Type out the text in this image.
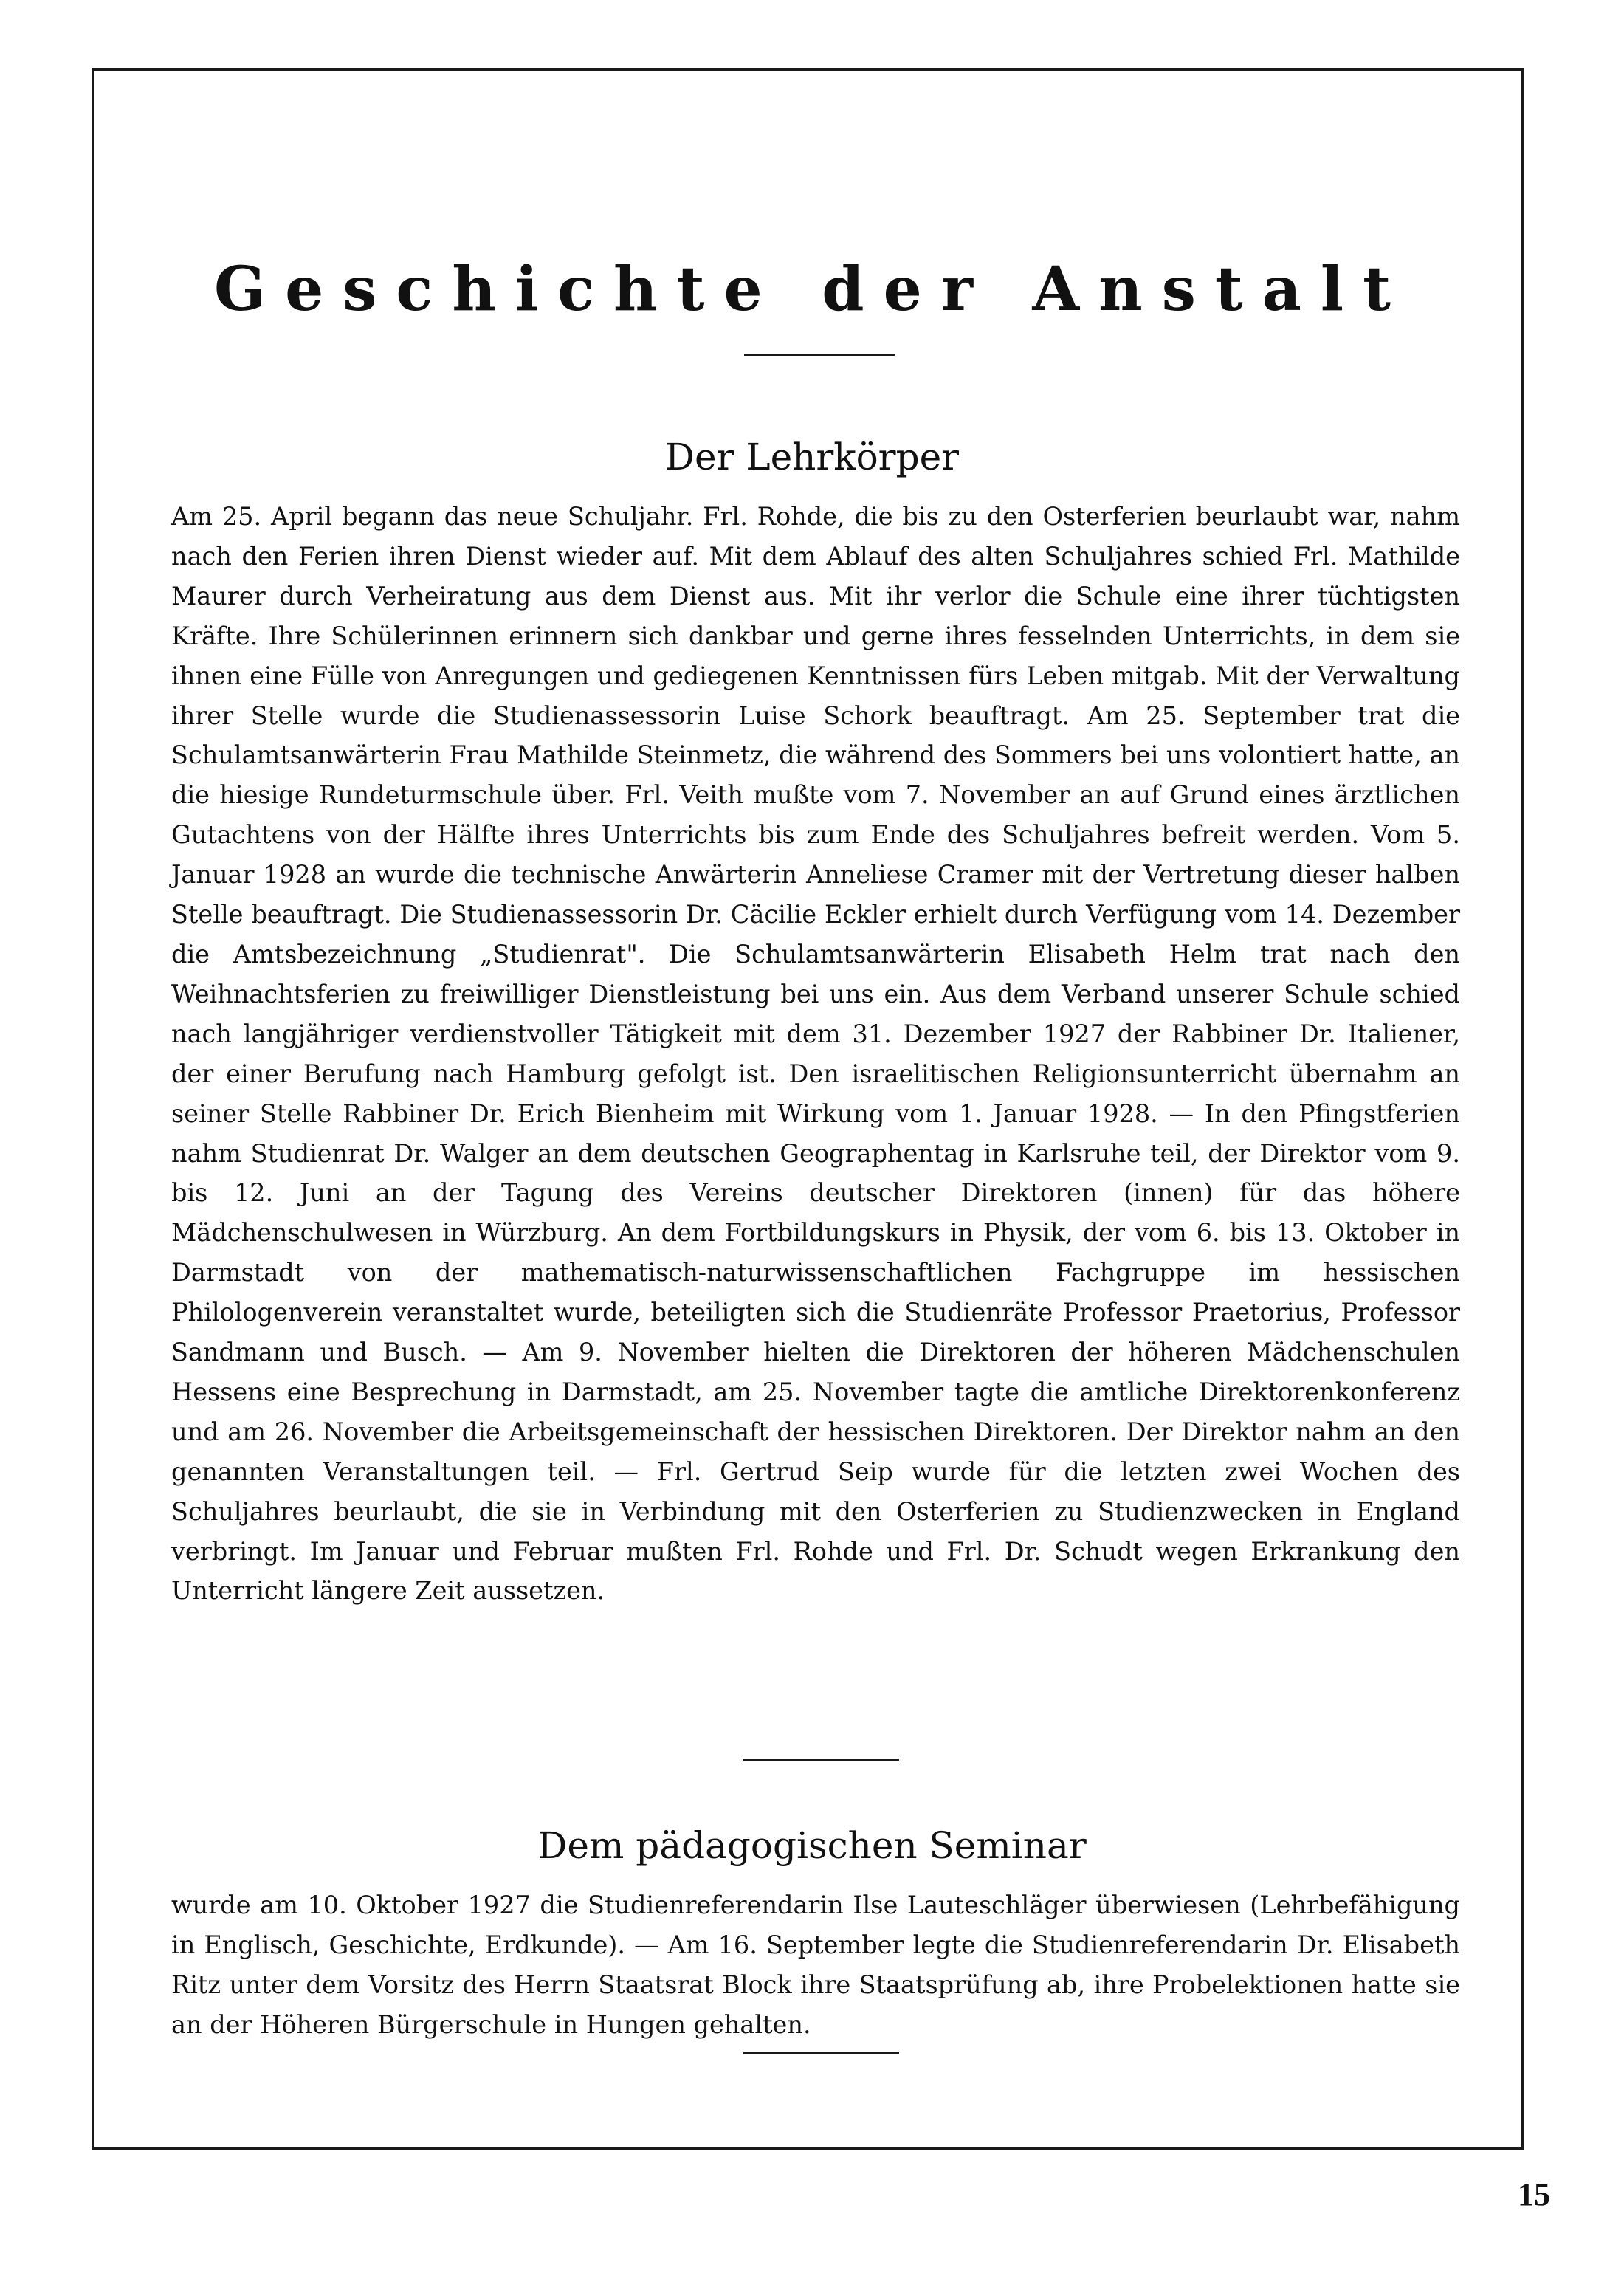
Geschichte der Anstalt
Der Lehrkörper

Am 25. April begann das neue Schuljahr. Frl. Rohde, die bis zu den Osterferien beurlaubt war, nahm nach den Ferien ihren Dienst wieder auf. Mit dem Ablauf des alten Schuljahres schied Frl. Mathilde Maurer durch Verheiratung aus dem Dienst aus. Mit ihr verlor die Schule eine ihrer tüchtigsten Kräfte. Ihre Schülerinnen erinnern sich dankbar und gerne ihres fesselnden Unterrichts, in dem sie ihnen eine Fülle von Anregungen und gediegenen Kenntnissen fürs Leben mitgab. Mit der Verwaltung ihrer Stelle wurde die Studienassessorin Luise Schork beauftragt. Am 25. September trat die Schulamtsanwärterin Frau Mathilde Steinmetz, die während des Sommers bei uns volontiert hatte, an die hiesige Rundeturmschule über. Frl. Veith mußte vom 7. November an auf Grund eines ärztlichen Gutachtens von der Hälfte ihres Unterrichts bis zum Ende des Schuljahres befreit werden. Vom 5. Januar 1928 an wurde die technische Anwärterin Anneliese Cramer mit der Vertretung dieser halben Stelle beauftragt. Die Studienassessorin Dr. Cäcilie Eckler erhielt durch Verfügung vom 14. Dezember die Amtsbezeichnung „Studienrat". Die Schulamtsanwärterin Elisabeth Helm trat nach den Weihnachtsferien zu freiwilliger Dienstleistung bei uns ein. Aus dem Verband unserer Schule schied nach langjähriger verdienstvoller Tätigkeit mit dem 31. Dezember 1927 der Rabbiner Dr. Italiener, der einer Berufung nach Hamburg gefolgt ist. Den israelitischen Religionsunterricht übernahm an seiner Stelle Rabbiner Dr. Erich Bienheim mit Wirkung vom 1. Januar 1928. — In den Pfingstferien nahm Studienrat Dr. Walger an dem deutschen Geographentag in Karlsruhe teil, der Direktor vom 9. bis 12. Juni an der Tagung des Vereins deutscher Direktoren (innen) für das höhere Mädchenschulwesen in Würzburg. An dem Fortbildungskurs in Physik, der vom 6. bis 13. Oktober in Darmstadt von der mathematisch-naturwissenschaftlichen Fachgruppe im hessischen Philologenverein veranstaltet wurde, beteiligten sich die Studienräte Professor Praetorius, Professor Sandmann und Busch. — Am 9. November hielten die Direktoren der höheren Mädchenschulen Hessens eine Besprechung in Darmstadt, am 25. November tagte die amtliche Direktorenkonferenz und am 26. November die Arbeitsgemeinschaft der hessischen Direktoren. Der Direktor nahm an den genannten Veranstaltungen teil. — Frl. Gertrud Seip wurde für die letzten zwei Wochen des Schuljahres beurlaubt, die sie in Verbindung mit den Osterferien zu Studienzwecken in England verbringt. Im Januar und Februar mußten Frl. Rohde und Frl. Dr. Schudt wegen Erkrankung den Unterricht längere Zeit aussetzen.

Dem pädagogischen Seminar

wurde am 10. Oktober 1927 die Studienreferendarin Ilse Lauteschläger überwiesen (Lehrbefähigung in Englisch, Geschichte, Erdkunde). — Am 16. September legte die Studienreferendarin Dr. Elisabeth Ritz unter dem Vorsitz des Herrn Staatsrat Block ihre Staatsprüfung ab, ihre Probelektionen hatte sie an der Höheren Bürgerschule in Hungen gehalten.

15
